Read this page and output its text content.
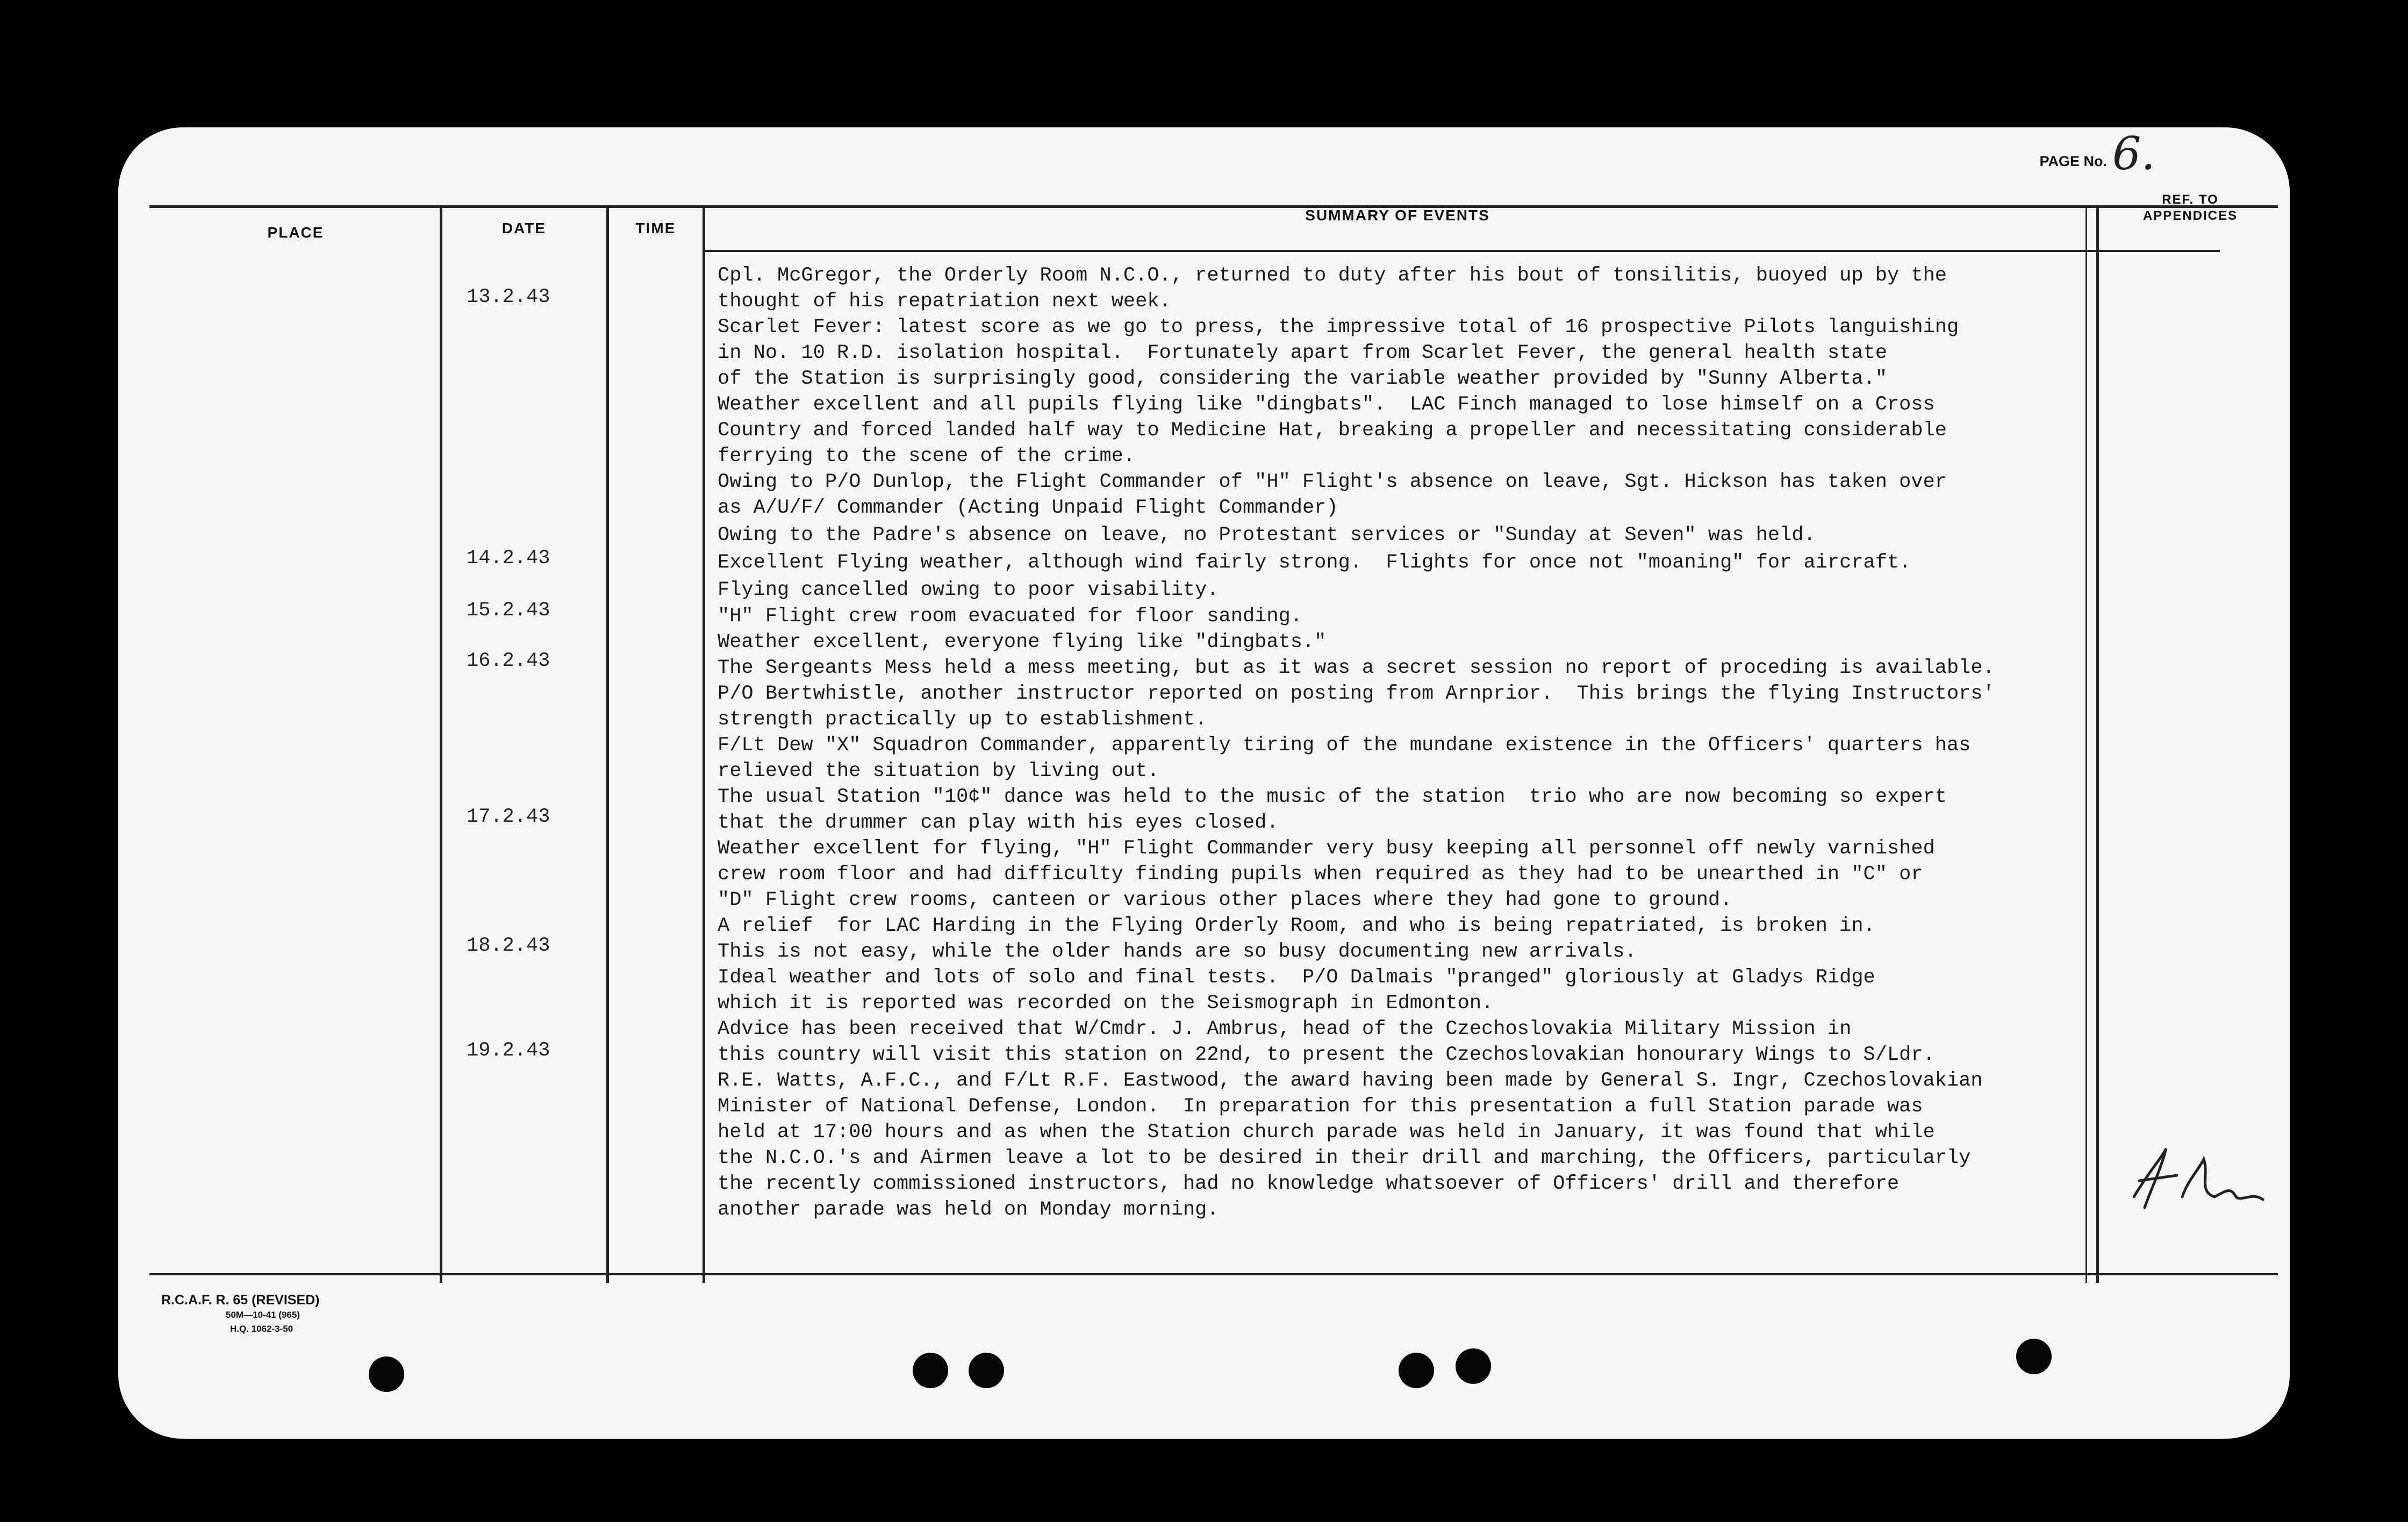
PAGE No. 6.
PLACE	DATE	TIME
SUMMARY OF EVENTS
REF. TO
APPENDICES
13.2.43
14.2.43
15.2.43
16.2.43
17.2.43
18.2.43
19.2.43
Cpl. McGregor, the Orderly Room N.C.O., returned to duty after his bout of tonsilitis, buoyed up by the
thought of his repatriation next week.
Scarlet Fever: latest score as we go to press, the impressive total of 16 prospective Pilots languishing
in No. 10 R.D. isolation hospital.  Fortunately apart from Scarlet Fever, the general health state
of the Station is surprisingly good, considering the variable weather provided by "Sunny Alberta."
Weather excellent and all pupils flying like "dingbats".  LAC Finch managed to lose himself on a Cross
Country and forced landed half way to Medicine Hat, breaking a propeller and necessitating considerable
ferrying to the scene of the crime.
Owing to P/O Dunlop, the Flight Commander of "H" Flight's absence on leave, Sgt. Hickson has taken over
as A/U/F/ Commander (Acting Unpaid Flight Commander)
Owing to the Padre's absence on leave, no Protestant services or "Sunday at Seven" was held.
Excellent Flying weather, although wind fairly strong.  Flights for once not "moaning" for aircraft.
Flying cancelled owing to poor visability.
"H" Flight crew room evacuated for floor sanding.
Weather excellent, everyone flying like "dingbats."
The Sergeants Mess held a mess meeting, but as it was a secret session no report of proceding is available.
P/O Bertwhistle, another instructor reported on posting from Arnprior.  This brings the flying Instructors'
strength practically up to establishment.
F/Lt Dew "X" Squadron Commander, apparently tiring of the mundane existence in the Officers' quarters has
relieved the situation by living out.
The usual Station "10¢" dance was held to the music of the station  trio who are now becoming so expert
that the drummer can play with his eyes closed.
Weather excellent for flying, "H" Flight Commander very busy keeping all personnel off newly varnished
crew room floor and had difficulty finding pupils when required as they had to be unearthed in "C" or
"D" Flight crew rooms, canteen or various other places where they had gone to ground.
A relief  for LAC Harding in the Flying Orderly Room, and who is being repatriated, is broken in.
This is not easy, while the older hands are so busy documenting new arrivals.
Ideal weather and lots of solo and final tests.  P/O Dalmais "pranged" gloriously at Gladys Ridge
which it is reported was recorded on the Seismograph in Edmonton.
Advice has been received that W/Cmdr. J. Ambrus, head of the Czechoslovakia Military Mission in
this country will visit this station on 22nd, to present the Czechoslovakian honourary Wings to S/Ldr.
R.E. Watts, A.F.C., and F/Lt R.F. Eastwood, the award having been made by General S. Ingr, Czechoslovakian
Minister of National Defense, London.  In preparation for this presentation a full Station parade was
held at 17:00 hours and as when the Station church parade was held in January, it was found that while
the N.C.O.'s and Airmen leave a lot to be desired in their drill and marching, the Officers, particularly
the recently commissioned instructors, had no knowledge whatsoever of Officers' drill and therefore
another parade was held on Monday morning.
R.C.A.F. R. 65 (REVISED)
50M—10-41 (965)
H.Q. 1062-3-50
